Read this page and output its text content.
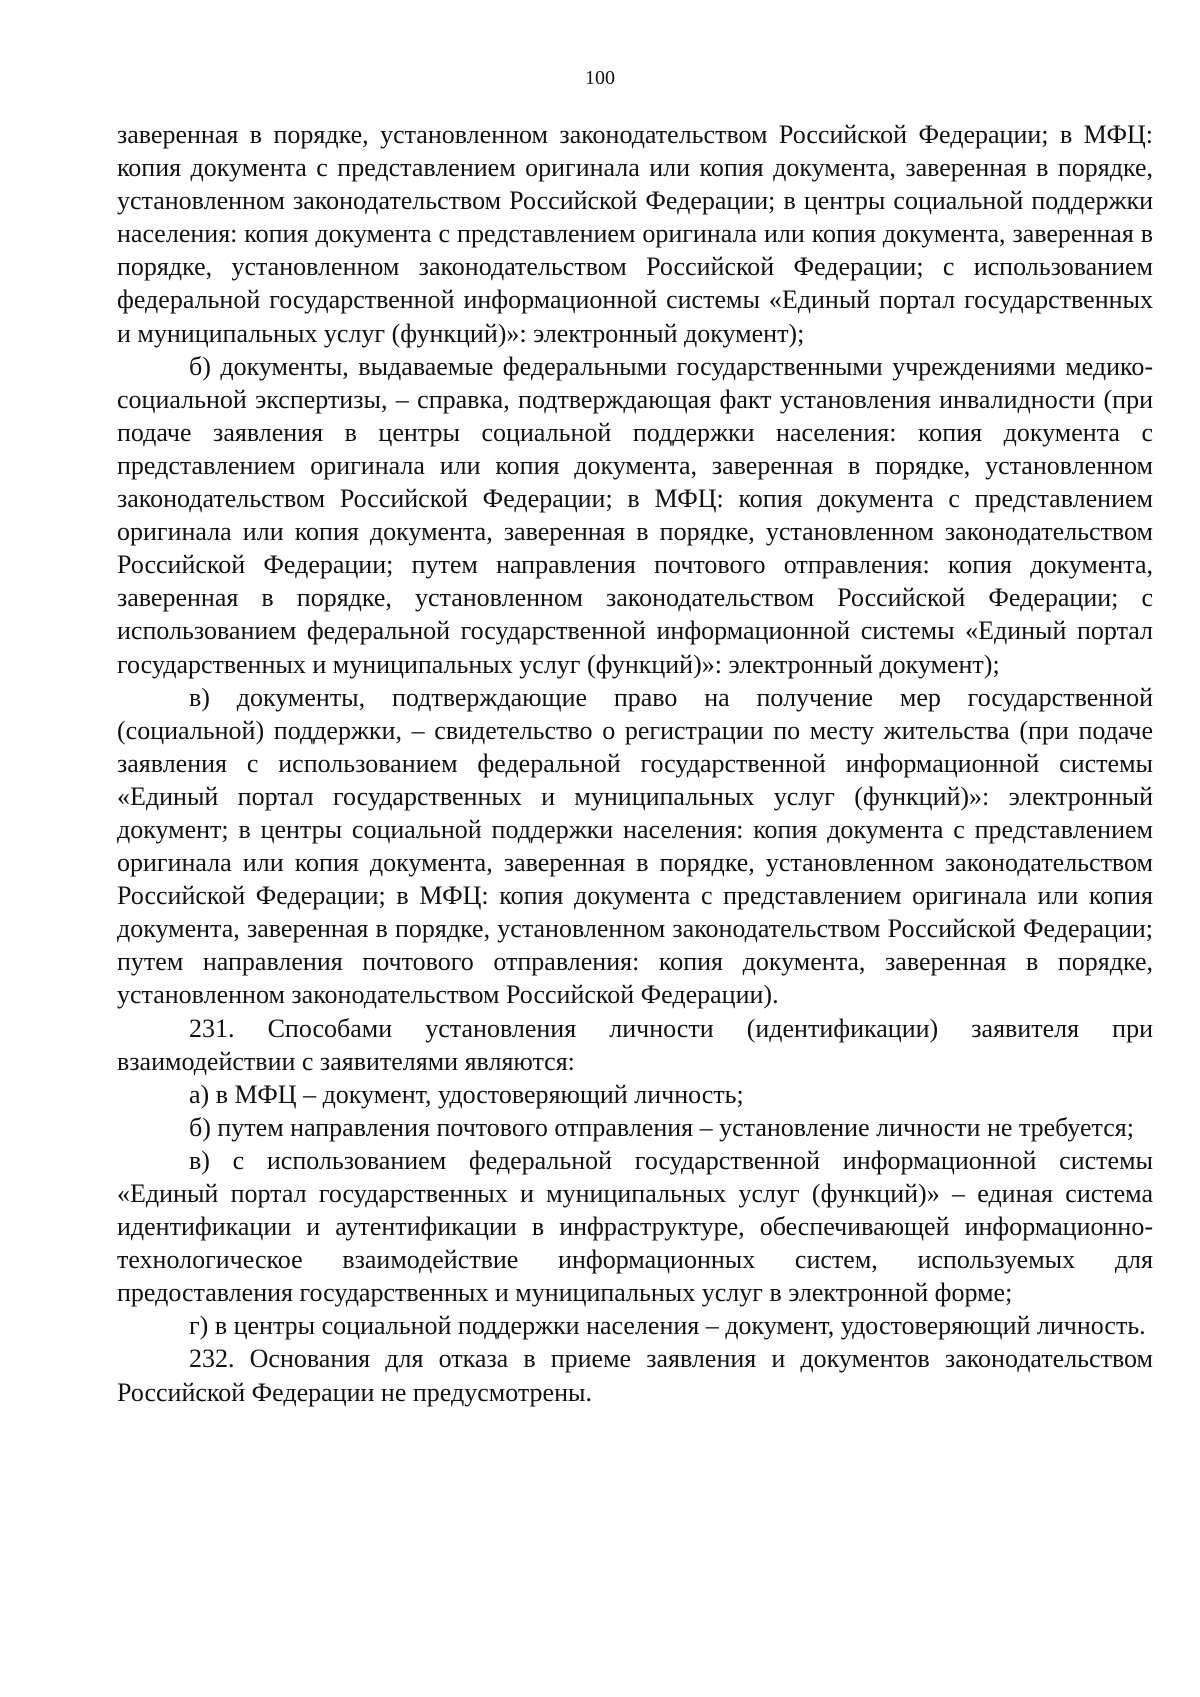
100

заверенная в порядке, установленном законодательством Российской Федерации; в МФЦ: копия документа с представлением оригинала или копия документа, заверенная в порядке, установленном законодательством Российской Федерации; в центры социальной поддержки населения: копия документа с представлением оригинала или копия документа, заверенная в порядке, установленном законодательством Российской Федерации; с использованием федеральной государственной информационной системы «Единый портал государственных и муниципальных услуг (функций)»: электронный документ);

б) документы, выдаваемые федеральными государственными учреждениями медико-социальной экспертизы, – справка, подтверждающая факт установления инвалидности (при подаче заявления в центры социальной поддержки населения: копия документа с представлением оригинала или копия документа, заверенная в порядке, установленном законодательством Российской Федерации; в МФЦ: копия документа с представлением оригинала или копия документа, заверенная в порядке, установленном законодательством Российской Федерации; путем направления почтового отправления: копия документа, заверенная в порядке, установленном законодательством Российской Федерации; с использованием федеральной государственной информационной системы «Единый портал государственных и муниципальных услуг (функций)»: электронный документ);

в) документы, подтверждающие право на получение мер государственной (социальной) поддержки, – свидетельство о регистрации по месту жительства (при подаче заявления с использованием федеральной государственной информационной системы «Единый портал государственных и муниципальных услуг (функций)»: электронный документ; в центры социальной поддержки населения: копия документа с представлением оригинала или копия документа, заверенная в порядке, установленном законодательством Российской Федерации; в МФЦ: копия документа с представлением оригинала или копия документа, заверенная в порядке, установленном законодательством Российской Федерации; путем направления почтового отправления: копия документа, заверенная в порядке, установленном законодательством Российской Федерации).

231. Способами установления личности (идентификации) заявителя при взаимодействии с заявителями являются:

а) в МФЦ – документ, удостоверяющий личность;

б) путем направления почтового отправления – установление личности не требуется;

в) с использованием федеральной государственной информационной системы «Единый портал государственных и муниципальных услуг (функций)» – единая система идентификации и аутентификации в инфраструктуре, обеспечивающей информационно-технологическое взаимодействие информационных систем, используемых для предоставления государственных и муниципальных услуг в электронной форме;

г) в центры социальной поддержки населения – документ, удостоверяющий личность.

232. Основания для отказа в приеме заявления и документов законодательством Российской Федерации не предусмотрены.
